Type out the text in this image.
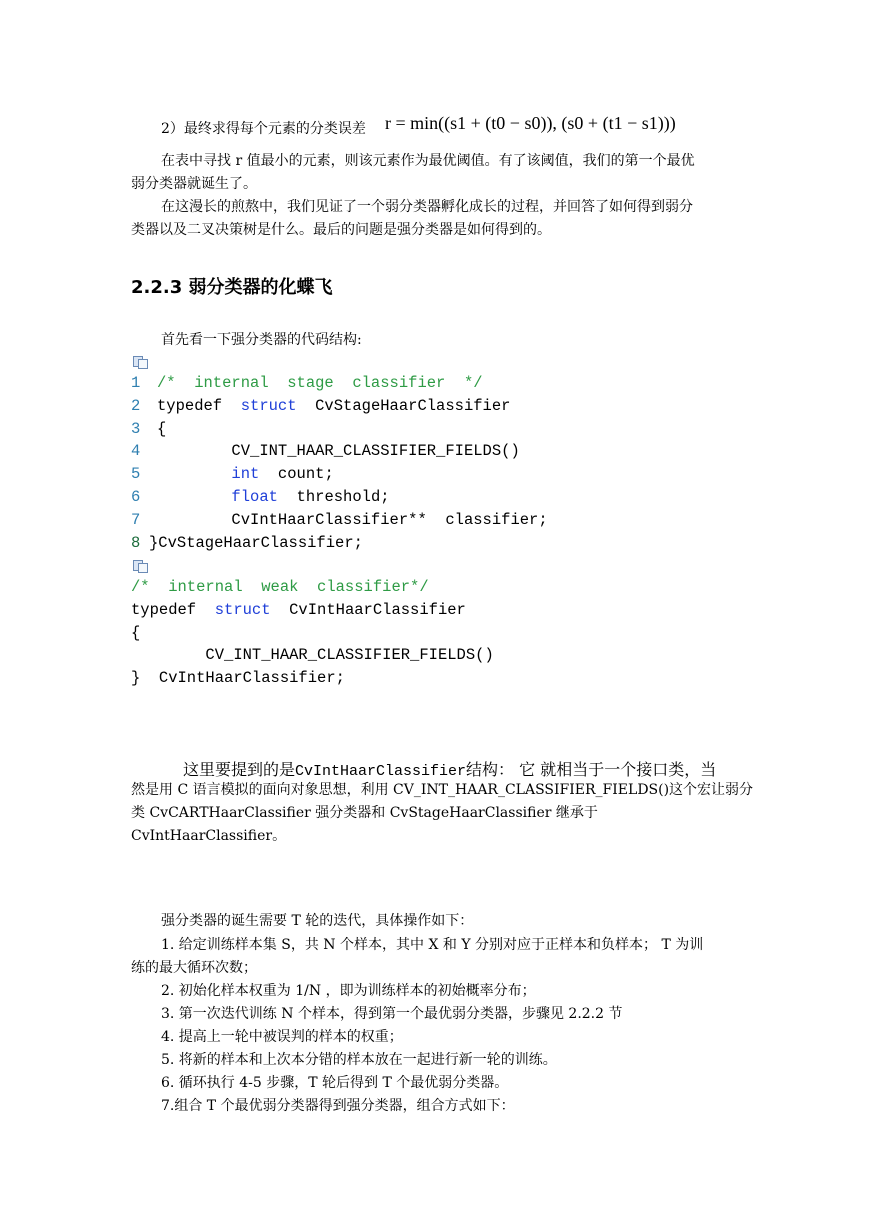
2）最终求得每个元素的分类误差 r = min((s1 + (t0 − s0)), (s0 + (t1 − s1)))
在表中寻找 r 值最小的元素，则该元素作为最优阈值。有了该阈值，我们的第一个最优
弱分类器就诞生了。
在这漫长的煎熬中，我们见证了一个弱分类器孵化成长的过程，并回答了如何得到弱分
类器以及二叉决策树是什么。最后的问题是强分类器是如何得到的。
2.2.3 弱分类器的化蝶飞
首先看一下强分类器的代码结构:
1 /*  internal  stage  classifier  */
2 typedef  struct  CvStageHaarClassifier
3 {
4        CV_INT_HAAR_CLASSIFIER_FIELDS()
5	int  count;
6	float  threshold;
7        CvIntHaarClassifier**  classifier;
8 }CvStageHaarClassifier;
/*  internal  weak  classifier*/
typedef  struct  CvIntHaarClassifier
{
CV_INT_HAAR_CLASSIFIER_FIELDS()
}  CvIntHaarClassifier;
这里要提到的是CvIntHaarClassifier结构： 它 就相当于一个接口类，当
然是用 C 语言模拟的面向对象思想，利用 CV_INT_HAAR_CLASSIFIER_FIELDS()这个宏让弱分
类 CvCARTHaarClassifier 强分类器和 CvStageHaarClassifier 继承于
CvIntHaarClassifier。
强分类器的诞生需要 T 轮的迭代，具体操作如下：
1. 给定训练样本集 S，共 N 个样本，其中 X 和 Y 分别对应于正样本和负样本； T 为训
练的最大循环次数；
2. 初始化样本权重为 1/N ，即为训练样本的初始概率分布；
3. 第一次迭代训练 N 个样本，得到第一个最优弱分类器，步骤见 2.2.2 节
4. 提高上一轮中被误判的样本的权重；
5. 将新的样本和上次本分错的样本放在一起进行新一轮的训练。
6. 循环执行 4-5 步骤，T 轮后得到 T 个最优弱分类器。
7.组合 T 个最优弱分类器得到强分类器，组合方式如下：
